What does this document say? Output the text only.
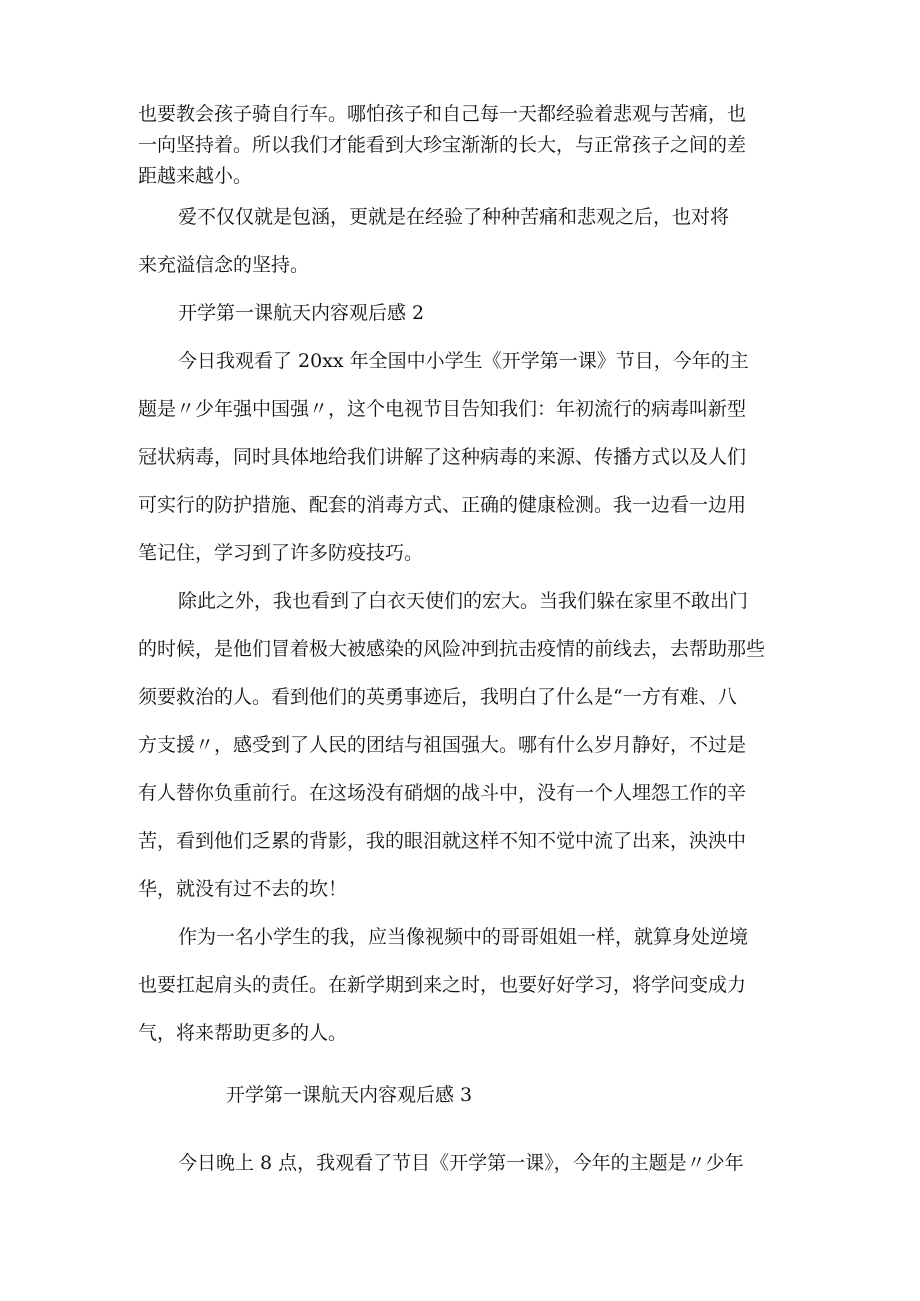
也要教会孩子骑自行车。哪怕孩子和自己每一天都经验着悲观与苦痛，也
一向坚持着。所以我们才能看到大珍宝渐渐的长大，与正常孩子之间的差
距越来越小。
爱不仅仅就是包涵，更就是在经验了种种苦痛和悲观之后，也对将
来充溢信念的坚持。
开学第一课航天内容观后感 2
今日我观看了 20xx 年全国中小学生《开学第一课》节目，今年的主
题是〃少年强中国强〃，这个电视节目告知我们：年初流行的病毒叫新型
冠状病毒，同时具体地给我们讲解了这种病毒的来源、传播方式以及人们
可实行的防护措施、配套的消毒方式、正确的健康检测。我一边看一边用
笔记住，学习到了许多防疫技巧。
除此之外，我也看到了白衣天使们的宏大。当我们躲在家里不敢出门
的时候，是他们冒着极大被感染的风险冲到抗击疫情的前线去，去帮助那些
须要救治的人。看到他们的英勇事迹后，我明白了什么是“一方有难、八
方支援〃，感受到了人民的团结与祖国强大。哪有什么岁月静好，不过是
有人替你负重前行。在这场没有硝烟的战斗中，没有一个人埋怨工作的辛
苦，看到他们乏累的背影，我的眼泪就这样不知不觉中流了出来，泱泱中
华，就没有过不去的坎！
作为一名小学生的我，应当像视频中的哥哥姐姐一样，就算身处逆境
也要扛起肩头的责任。在新学期到来之时，也要好好学习，将学问变成力
气，将来帮助更多的人。
开学第一课航天内容观后感 3
今日晚上 8 点，我观看了节目《开学第一课》，今年的主题是〃少年
